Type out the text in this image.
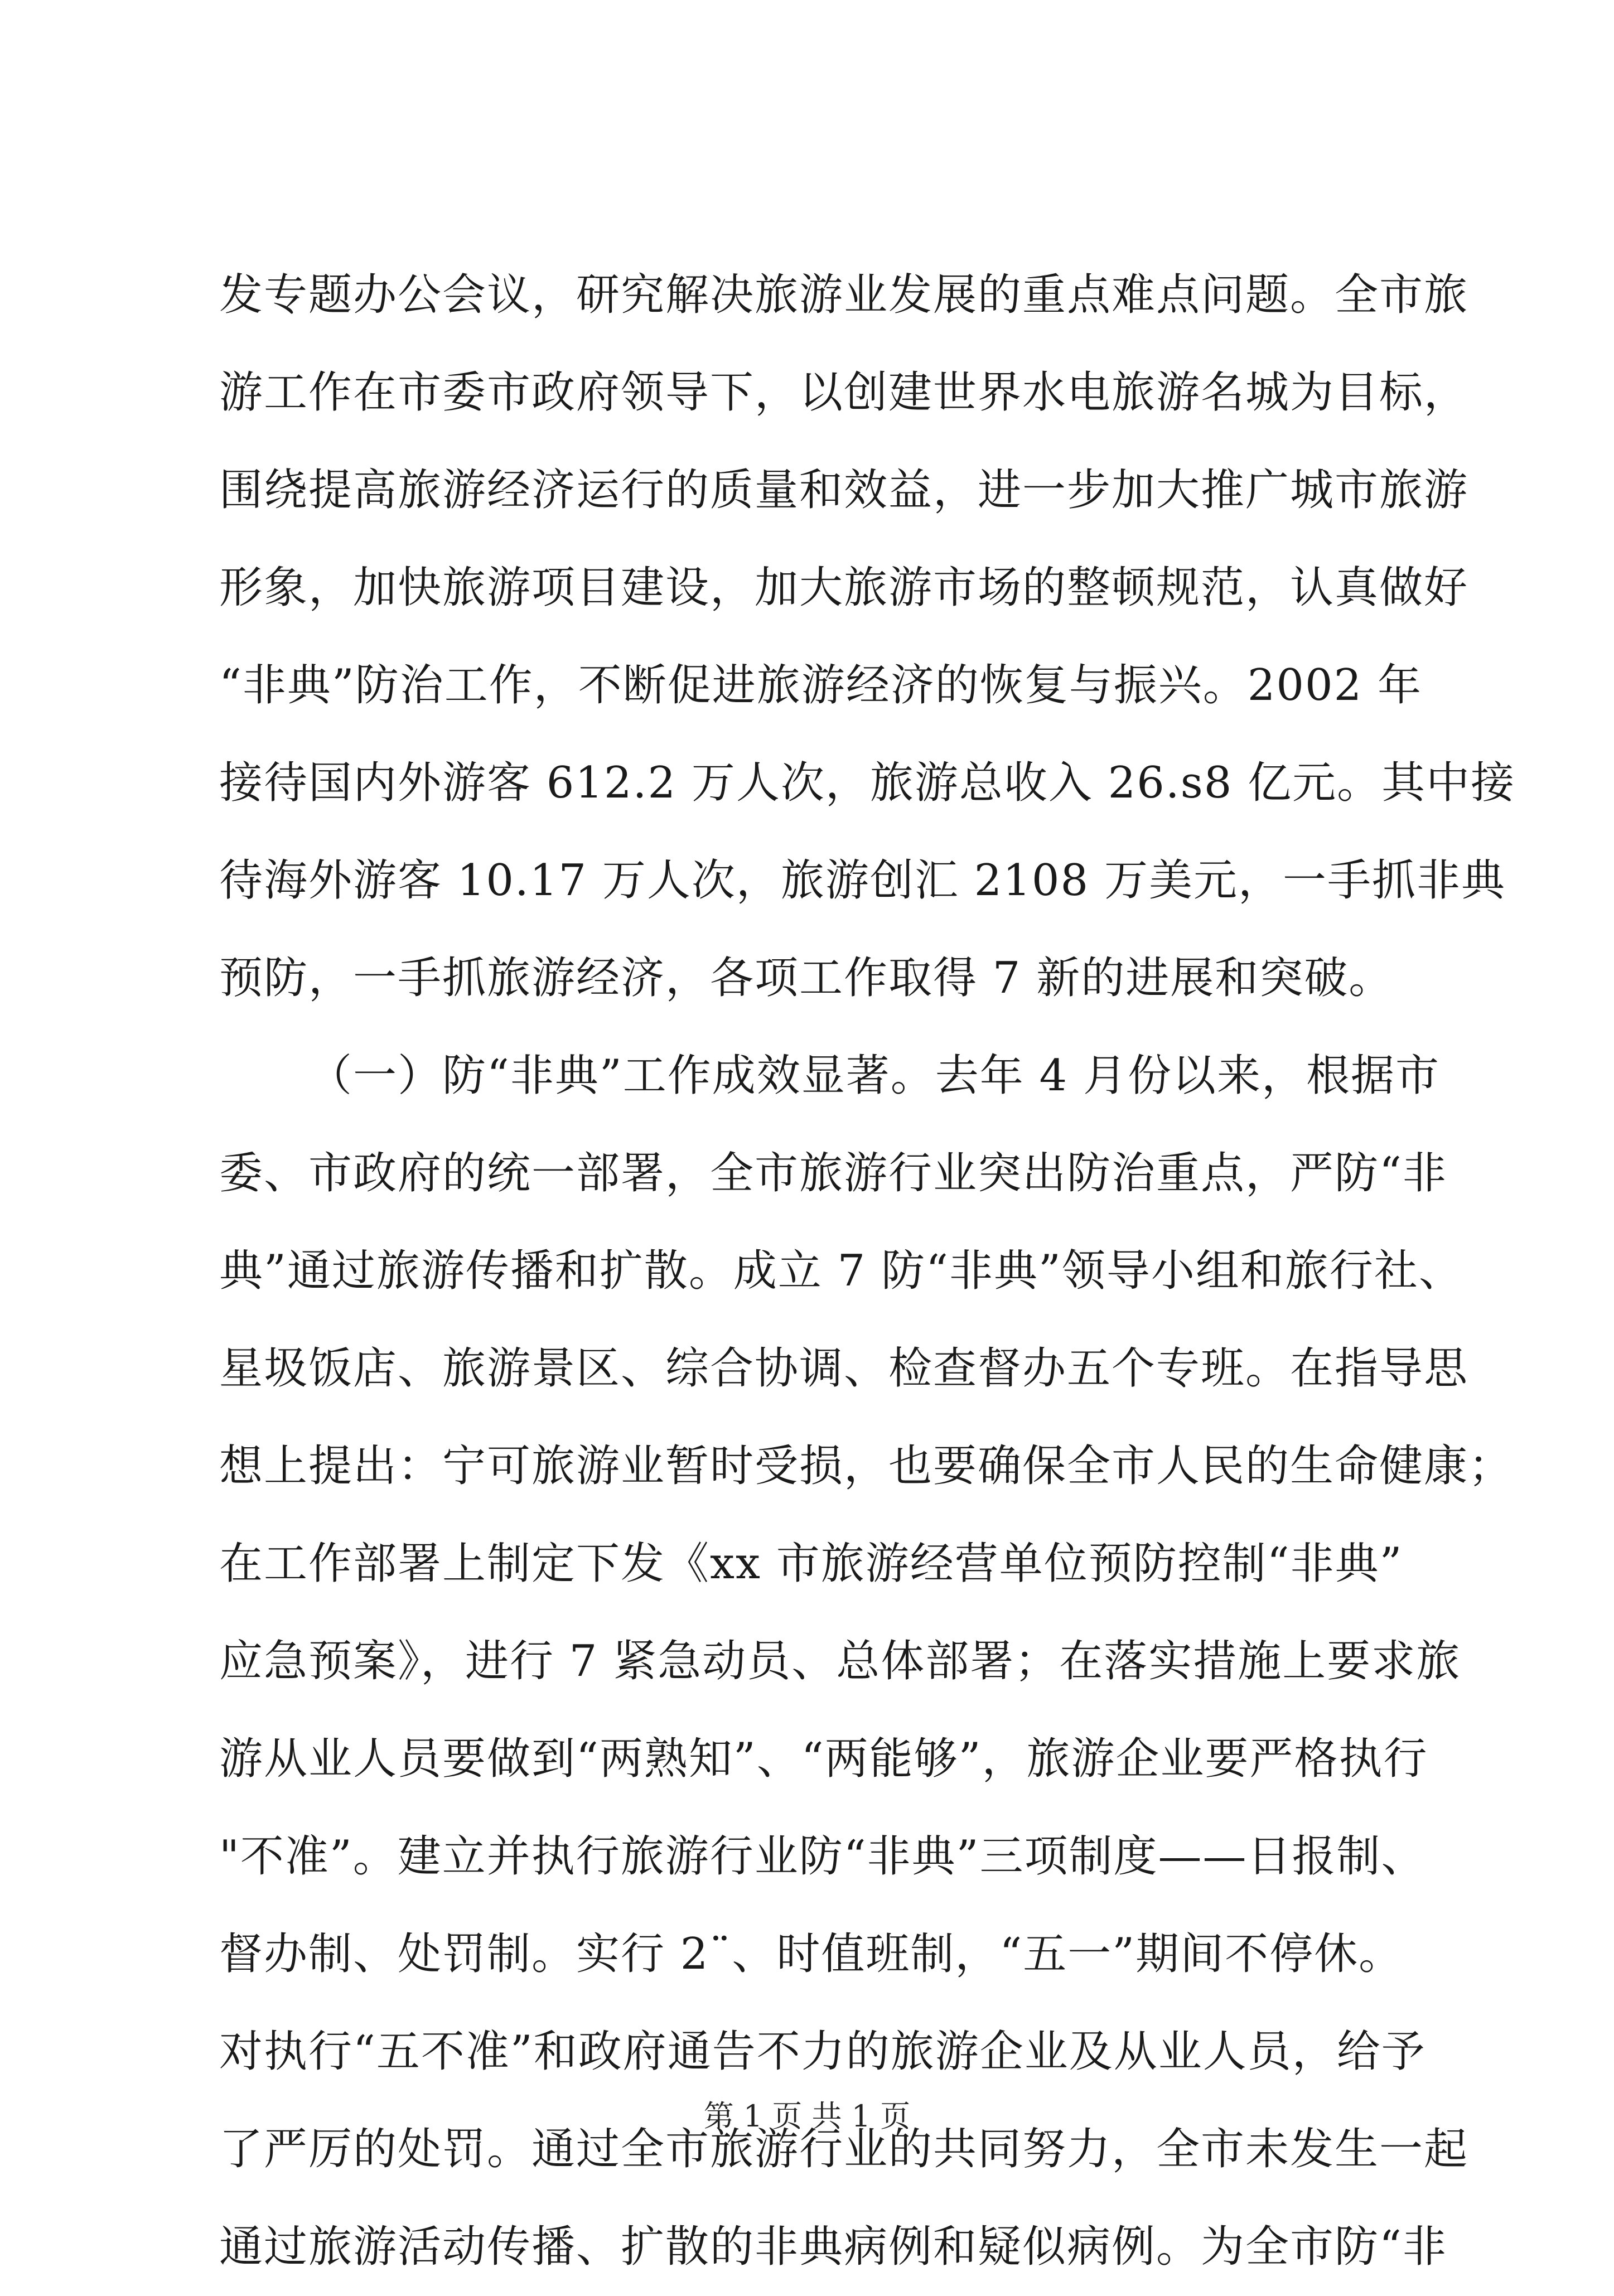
发专题办公会议，研究解决旅游业发展的重点难点问题。全市旅
游工作在市委市政府领导下，以创建世界水电旅游名城为目标，
围绕提高旅游经济运行的质量和效益，进一步加大推广城市旅游
形象，加快旅游项目建设，加大旅游市场的整顿规范，认真做好
“非典”防治工作，不断促进旅游经济的恢复与振兴。2002 年
接待国内外游客 612.2 万人次，旅游总收入 26.s8 亿元。其中接
待海外游客 10.17 万人次，旅游创汇 2108 万美元，一手抓非典
预防，一手抓旅游经济，各项工作取得 7 新的进展和突破。
（一）防“非典”工作成效显著。去年 4 月份以来，根据市
委、市政府的统一部署，全市旅游行业突出防治重点，严防“非
典”通过旅游传播和扩散。成立 7 防“非典”领导小组和旅行社、
星圾饭店、旅游景区、综合协调、检查督办五个专班。在指导思
想上提出：宁可旅游业暂时受损，也要确保全市人民的生命健康；
在工作部署上制定下发《xx 市旅游经营单位预防控制“非典”
应急预案》，进行 7 紧急动员、总体部署；在落实措施上要求旅
游从业人员要做到“两熟知”、“两能够”，旅游企业要严格执行
"不准”。建立并执行旅游行业防“非典”三项制度——日报制、
督办制、处罚制。实行 2¨、时值班制，“五一”期间不停休。
对执行“五不准”和政府通告不力的旅游企业及从业人员，给予
了严厉的处罚。通过全市旅游行业的共同努力，全市未发生一起
通过旅游活动传播、扩散的非典病例和疑似病例。为全市防“非
第 1 页 共 1 页
